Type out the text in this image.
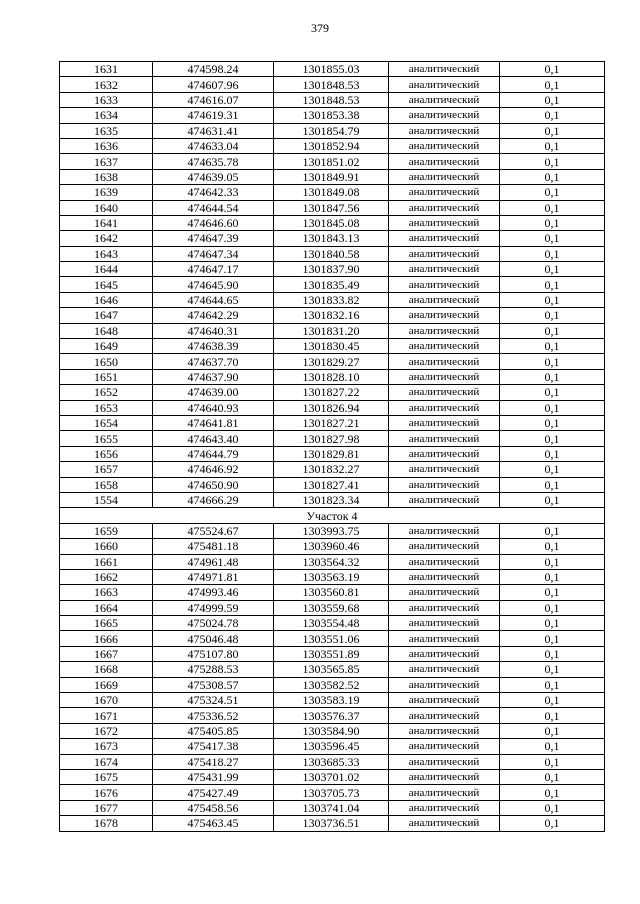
379
1631	474598.24	1301855.03	аналитический	0,1
1632	474607.96	1301848.53	аналитический	0,1
1633	474616.07	1301848.53	аналитический	0,1
1634	474619.31	1301853.38	аналитический	0,1
1635	474631.41	1301854.79	аналитический	0,1
1636	474633.04	1301852.94	аналитический	0,1
1637	474635.78	1301851.02	аналитический	0,1
1638	474639.05	1301849.91	аналитический	0,1
1639	474642.33	1301849.08	аналитический	0,1
1640	474644.54	1301847.56	аналитический	0,1
1641	474646.60	1301845.08	аналитический	0,1
1642	474647.39	1301843.13	аналитический	0,1
1643	474647.34	1301840.58	аналитический	0,1
1644	474647.17	1301837.90	аналитический	0,1
1645	474645.90	1301835.49	аналитический	0,1
1646	474644.65	1301833.82	аналитический	0,1
1647	474642.29	1301832.16	аналитический	0,1
1648	474640.31	1301831.20	аналитический	0,1
1649	474638.39	1301830.45	аналитический	0,1
1650	474637.70	1301829.27	аналитический	0,1
1651	474637.90	1301828.10	аналитический	0,1
1652	474639.00	1301827.22	аналитический	0,1
1653	474640.93	1301826.94	аналитический	0,1
1654	474641.81	1301827.21	аналитический	0,1
1655	474643.40	1301827.98	аналитический	0,1
1656	474644.79	1301829.81	аналитический	0,1
1657	474646.92	1301832.27	аналитический	0,1
1658	474650.90	1301827.41	аналитический	0,1
1554	474666.29	1301823.34	аналитический	0,1
Участок 4				
1659	475524.67	1303993.75	аналитический	0,1
1660	475481.18	1303960.46	аналитический	0,1
1661	474961.48	1303564.32	аналитический	0,1
1662	474971.81	1303563.19	аналитический	0,1
1663	474993.46	1303560.81	аналитический	0,1
1664	474999.59	1303559.68	аналитический	0,1
1665	475024.78	1303554.48	аналитический	0,1
1666	475046.48	1303551.06	аналитический	0,1
1667	475107.80	1303551.89	аналитический	0,1
1668	475288.53	1303565.85	аналитический	0,1
1669	475308.57	1303582.52	аналитический	0,1
1670	475324.51	1303583.19	аналитический	0,1
1671	475336.52	1303576.37	аналитический	0,1
1672	475405.85	1303584.90	аналитический	0,1
1673	475417.38	1303596.45	аналитический	0,1
1674	475418.27	1303685.33	аналитический	0,1
1675	475431.99	1303701.02	аналитический	0,1
1676	475427.49	1303705.73	аналитический	0,1
1677	475458.56	1303741.04	аналитический	0,1
1678	475463.45	1303736.51	аналитический	0,1
